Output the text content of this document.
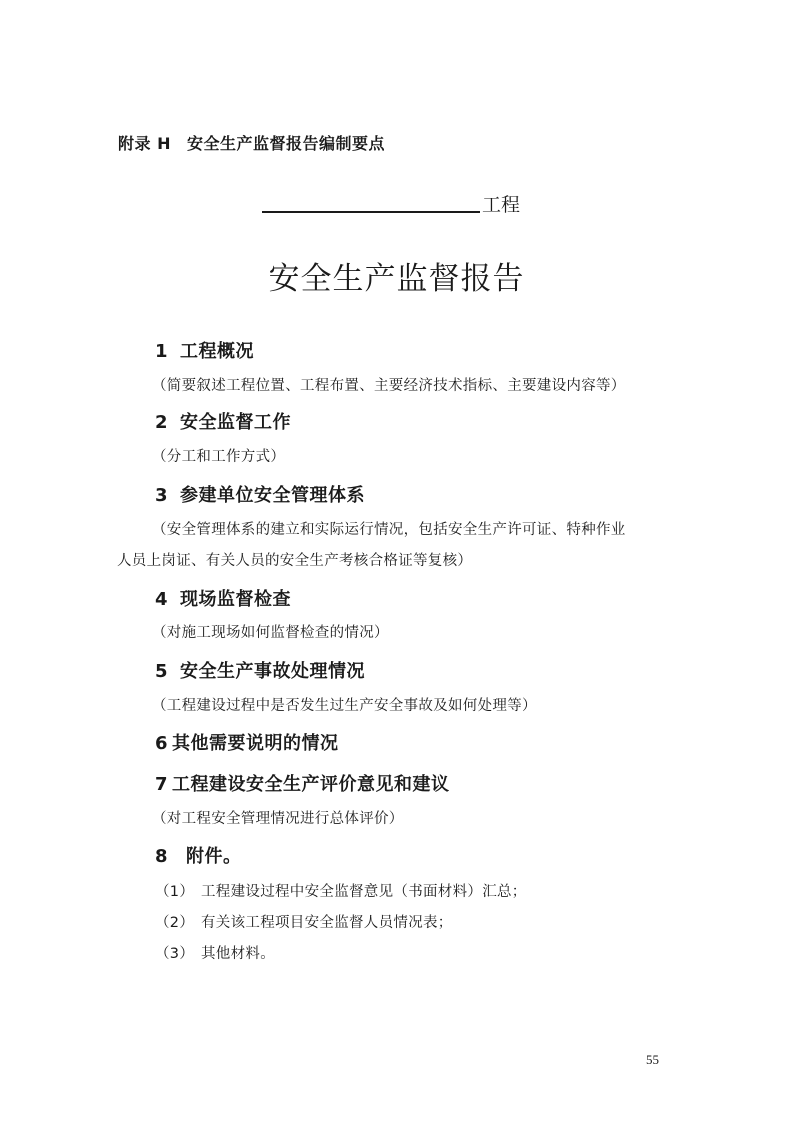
附录 H 安全生产监督报告编制要点
工程
安全生产监督报告
1 工程概况
（简要叙述工程位置、工程布置、主要经济技术指标、主要建设内容等）
2 安全监督工作
（分工和工作方式）
3 参建单位安全管理体系
（安全管理体系的建立和实际运行情况，包括安全生产许可证、特种作业
人员上岗证、有关人员的安全生产考核合格证等复核）
4 现场监督检查
（对施工现场如何监督检查的情况）
5 安全生产事故处理情况
（工程建设过程中是否发生过生产安全事故及如何处理等）
6 其他需要说明的情况
7 工程建设安全生产评价意见和建议
（对工程安全管理情况进行总体评价）
8 附件。
（1） 工程建设过程中安全监督意见（书面材料）汇总；
（2） 有关该工程项目安全监督人员情况表；
（3） 其他材料。
55
